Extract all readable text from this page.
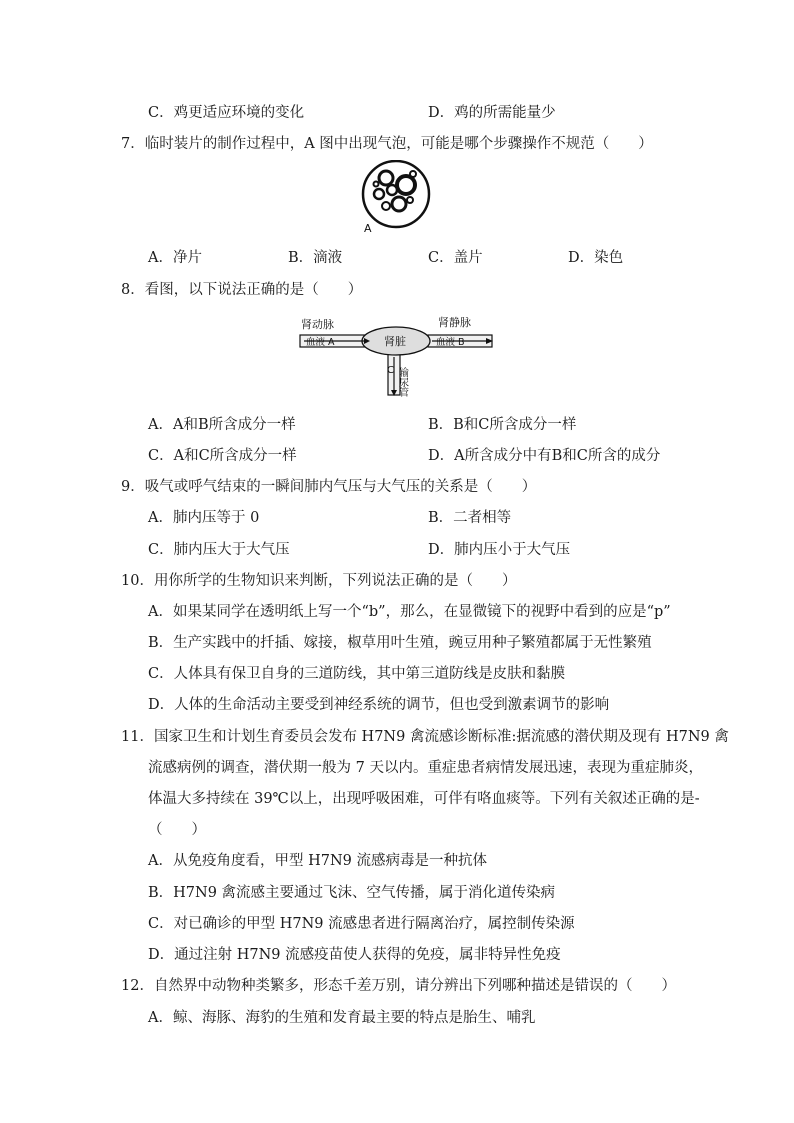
C．鸡更适应环境的变化	D．鸡的所需能量少
7．临时装片的制作过程中，A 图中出现气泡，可能是哪个步骤操作不规范（　　）
A
A．净片	B．滴液	C．盖片	D．染色
8．看图，以下说法正确的是（　　）
肾动脉	肾静脉
肾脏
血液 A	血液 B
C 输尿管
A．A和B所含成分一样	B．B和C所含成分一样
C．A和C所含成分一样	D．A所含成分中有B和C所含的成分
9．吸气或呼气结束的一瞬间肺内气压与大气压的关系是（　　）
A．肺内压等于 0	B．二者相等
C．肺内压大于大气压	D．肺内压小于大气压
10．用你所学的生物知识来判断，下列说法正确的是（　　）
A．如果某同学在透明纸上写一个“b”，那么，在显微镜下的视野中看到的应是“p”
B．生产实践中的扦插、嫁接，椒草用叶生殖，豌豆用种子繁殖都属于无性繁殖
C．人体具有保卫自身的三道防线，其中第三道防线是皮肤和黏膜
D．人体的生命活动主要受到神经系统的调节，但也受到激素调节的影响
11．国家卫生和计划生育委员会发布 H7N9 禽流感诊断标准:据流感的潜伏期及现有 H7N9 禽
流感病例的调查，潜伏期一般为 7 天以内。重症患者病情发展迅速，表现为重症肺炎，
体温大多持续在 39℃以上，出现呼吸困难，可伴有咯血痰等。下列有关叙述正确的是-
（　　）
A．从免疫角度看，甲型 H7N9 流感病毒是一种抗体
B．H7N9 禽流感主要通过飞沫、空气传播，属于消化道传染病
C．对已确诊的甲型 H7N9 流感患者进行隔离治疗，属控制传染源
D．通过注射 H7N9 流感疫苗使人获得的免疫，属非特异性免疫
12．自然界中动物种类繁多，形态千差万别，请分辨出下列哪种描述是错误的（　　）
A．鲸、海豚、海豹的生殖和发育最主要的特点是胎生、哺乳
